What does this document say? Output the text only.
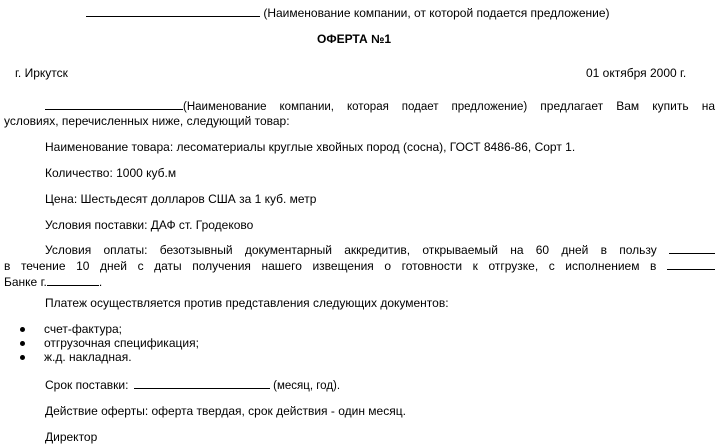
(Наименование компании, от которой подается предложение)
ОФЕРТА №1
г. Иркутск	01 октября 2000 г.
(Наименование компании, которая подает предложение) предлагает Вам купить на
условиях, перечисленных ниже, следующий товар:
Наименование товара: лесоматериалы круглые хвойных пород (сосна), ГОСТ 8486-86, Сорт 1.
Количество: 1000 куб.м
Цена: Шестьдесят долларов США за 1 куб. метр
Условия поставки: ДАФ ст. Гродеково
Условия оплаты: безотзывный документарный аккредитив, открываемый на 60 дней в пользу
в течение 10 дней с даты получения нашего извещения о готовности к отгрузке, с исполнением в
Банке г.	.
Платеж осуществляется против представления следующих документов:
счет-фактура;
отгрузочная спецификация;
ж.д. накладная.
Срок поставки:	(месяц, год).
Действие оферты: оферта твердая, срок действия - один месяц.
Директор
